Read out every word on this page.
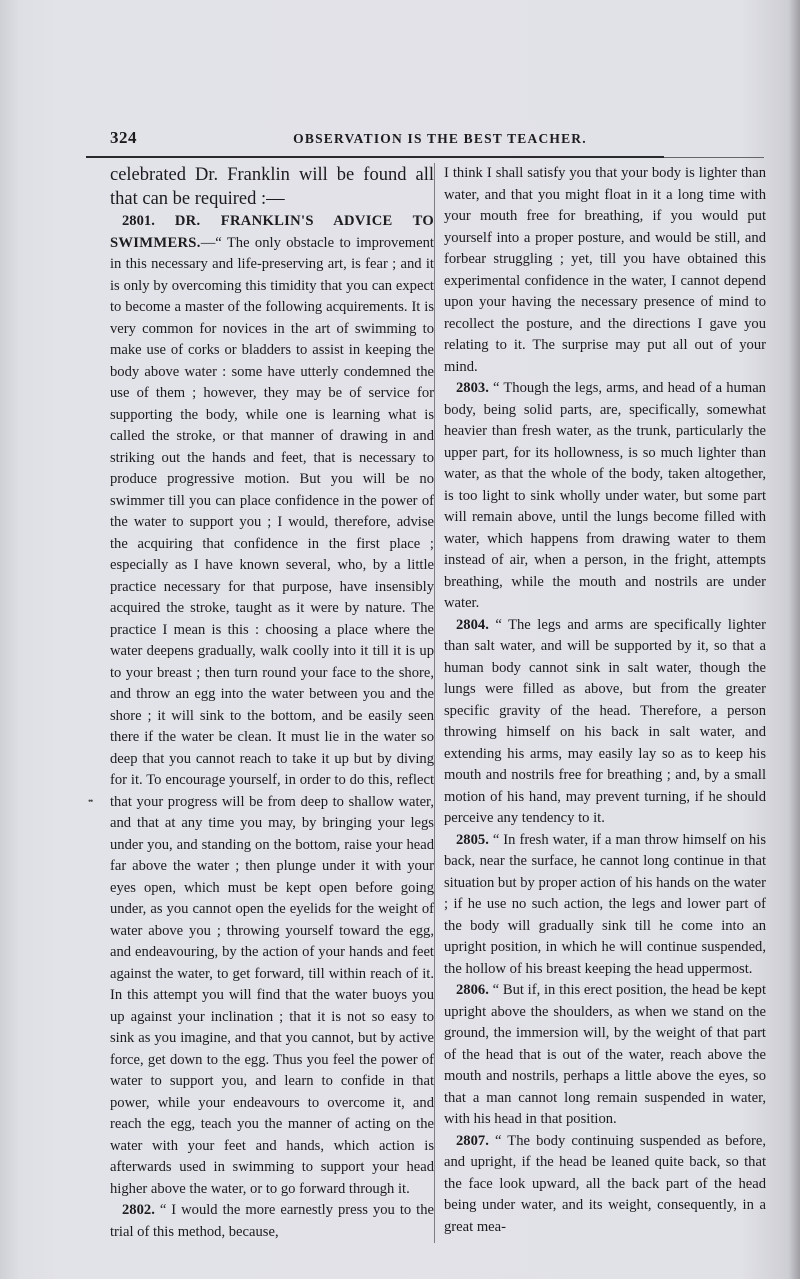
324	OBSERVATION IS THE BEST TEACHER.
••

celebrated Dr. Franklin will be found all that can be required :—

2801. DR. FRANKLIN'S ADVICE TO SWIMMERS.—“ The only obstacle to improvement in this necessary and life-preserving art, is fear ; and it is only by overcoming this timidity that you can expect to become a master of the following acquirements. It is very common for novices in the art of swimming to make use of corks or bladders to assist in keeping the body above water : some have utterly condemned the use of them ; however, they may be of service for supporting the body, while one is learning what is called the stroke, or that manner of drawing in and striking out the hands and feet, that is necessary to produce progressive motion. But you will be no swimmer till you can place confidence in the power of the water to support you ; I would, therefore, advise the acquiring that confidence in the first place ; especially as I have known several, who, by a little practice necessary for that purpose, have insensibly acquired the stroke, taught as it were by nature. The practice I mean is this : choosing a place where the water deepens gradually, walk coolly into it till it is up to your breast ; then turn round your face to the shore, and throw an egg into the water between you and the shore ; it will sink to the bottom, and be easily seen there if the water be clean. It must lie in the water so deep that you cannot reach to take it up but by diving for it. To encourage yourself, in order to do this, reflect that your progress will be from deep to shallow water, and that at any time you may, by bringing your legs under you, and standing on the bottom, raise your head far above the water ; then plunge under it with your eyes open, which must be kept open before going under, as you cannot open the eyelids for the weight of water above you ; throwing yourself toward the egg, and endeavouring, by the action of your hands and feet against the water, to get forward, till within reach of it. In this attempt you will find that the water buoys you up against your inclination ; that it is not so easy to sink as you imagine, and that you cannot, but by active force, get down to the egg. Thus you feel the power of water to support you, and learn to confide in that power, while your endeavours to overcome it, and reach the egg, teach you the manner of acting on the water with your feet and hands, which action is afterwards used in swimming to support your head higher above the water, or to go forward through it.

2802. “ I would the more earnestly press you to the trial of this method, because,

I think I shall satisfy you that your body is lighter than water, and that you might float in it a long time with your mouth free for breathing, if you would put yourself into a proper posture, and would be still, and forbear struggling ; yet, till you have obtained this experimental confidence in the water, I cannot depend upon your having the necessary presence of mind to recollect the posture, and the directions I gave you relating to it. The surprise may put all out of your mind.

2803. “ Though the legs, arms, and head of a human body, being solid parts, are, specifically, somewhat heavier than fresh water, as the trunk, particularly the upper part, for its hollowness, is so much lighter than water, as that the whole of the body, taken altogether, is too light to sink wholly under water, but some part will remain above, until the lungs become filled with water, which happens from drawing water to them instead of air, when a person, in the fright, attempts breathing, while the mouth and nostrils are under water.

2804. “ The legs and arms are specifically lighter than salt water, and will be supported by it, so that a human body cannot sink in salt water, though the lungs were filled as above, but from the greater specific gravity of the head. Therefore, a person throwing himself on his back in salt water, and extending his arms, may easily lay so as to keep his mouth and nostrils free for breathing ; and, by a small motion of his hand, may prevent turning, if he should perceive any tendency to it.

2805. “ In fresh water, if a man throw himself on his back, near the surface, he cannot long continue in that situation but by proper action of his hands on the water ; if he use no such action, the legs and lower part of the body will gradually sink till he come into an upright position, in which he will continue suspended, the hollow of his breast keeping the head uppermost.

2806. “ But if, in this erect position, the head be kept upright above the shoulders, as when we stand on the ground, the immersion will, by the weight of that part of the head that is out of the water, reach above the mouth and nostrils, perhaps a little above the eyes, so that a man cannot long remain suspended in water, with his head in that position.

2807. “ The body continuing suspended as before, and upright, if the head be leaned quite back, so that the face look upward, all the back part of the head being under water, and its weight, consequently, in a great mea-
